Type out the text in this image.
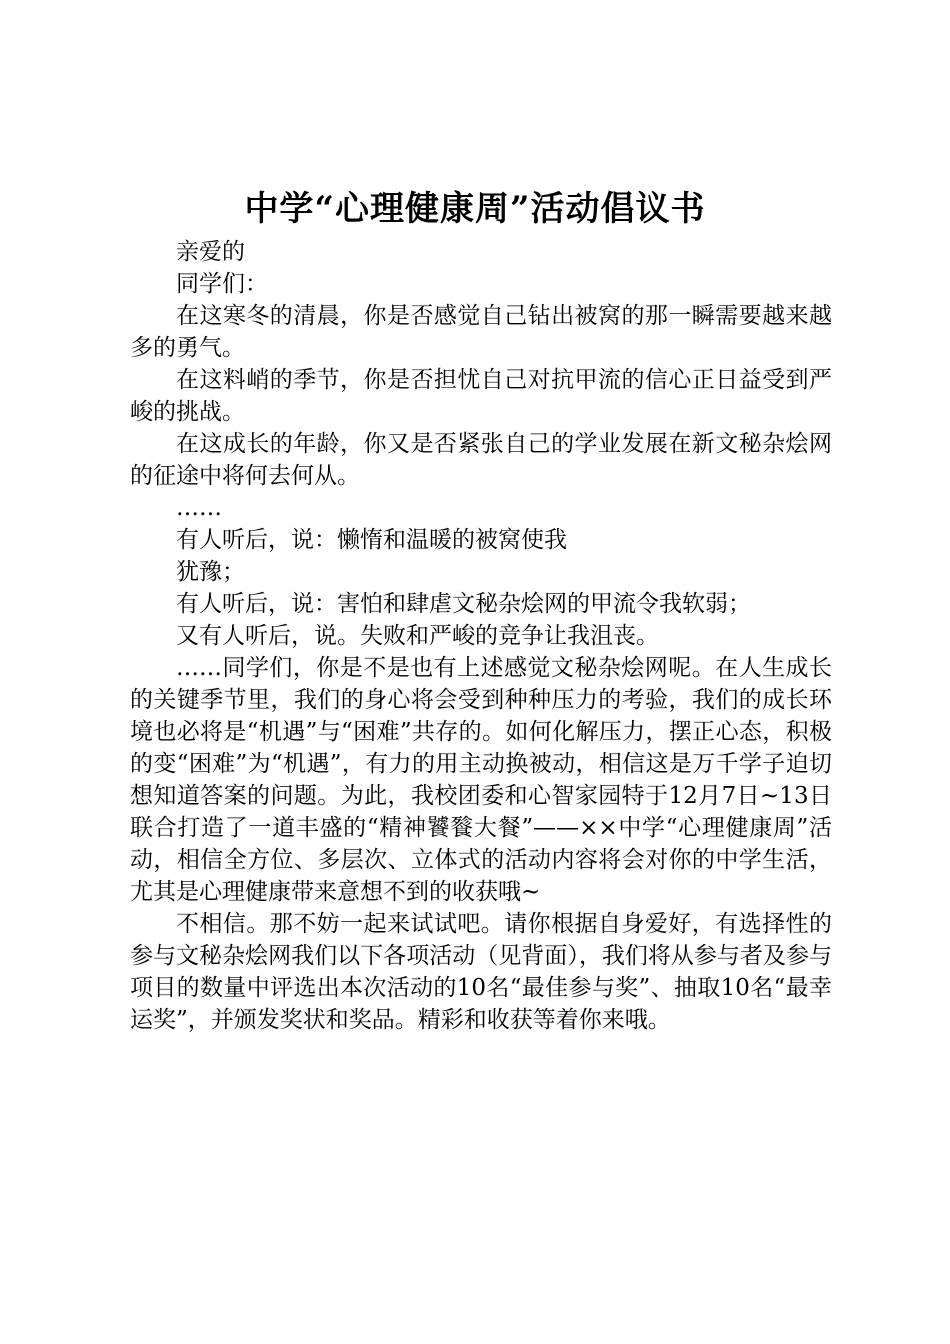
中学“心理健康周”活动倡议书

亲爱的

同学们：

在这寒冬的清晨，你是否感觉自己钻出被窝的那一瞬需要越来越多的勇气。

在这料峭的季节，你是否担忧自己对抗甲流的信心正日益受到严峻的挑战。

在这成长的年龄，你又是否紧张自己的学业发展在新文秘杂烩网的征途中将何去何从。

……

有人听后，说：懒惰和温暖的被窝使我

犹豫；

有人听后，说：害怕和肆虐文秘杂烩网的甲流令我软弱；

又有人听后，说。失败和严峻的竞争让我沮丧。

……同学们，你是不是也有上述感觉文秘杂烩网呢。在人生成长的关键季节里，我们的身心将会受到种种压力的考验，我们的成长环境也必将是“机遇”与“困难”共存的。如何化解压力，摆正心态，积极的变“困难”为“机遇”，有力的用主动换被动，相信这是万千学子迫切想知道答案的问题。为此，我校团委和心智家园特于12月7日~13日联合打造了一道丰盛的“精神饕餮大餐”——××中学“心理健康周”活动，相信全方位、多层次、立体式的活动内容将会对你的中学生活，尤其是心理健康带来意想不到的收获哦~

不相信。那不妨一起来试试吧。请你根据自身爱好，有选择性的参与文秘杂烩网我们以下各项活动（见背面），我们将从参与者及参与项目的数量中评选出本次活动的10名“最佳参与奖”、抽取10名“最幸运奖”，并颁发奖状和奖品。精彩和收获等着你来哦。
